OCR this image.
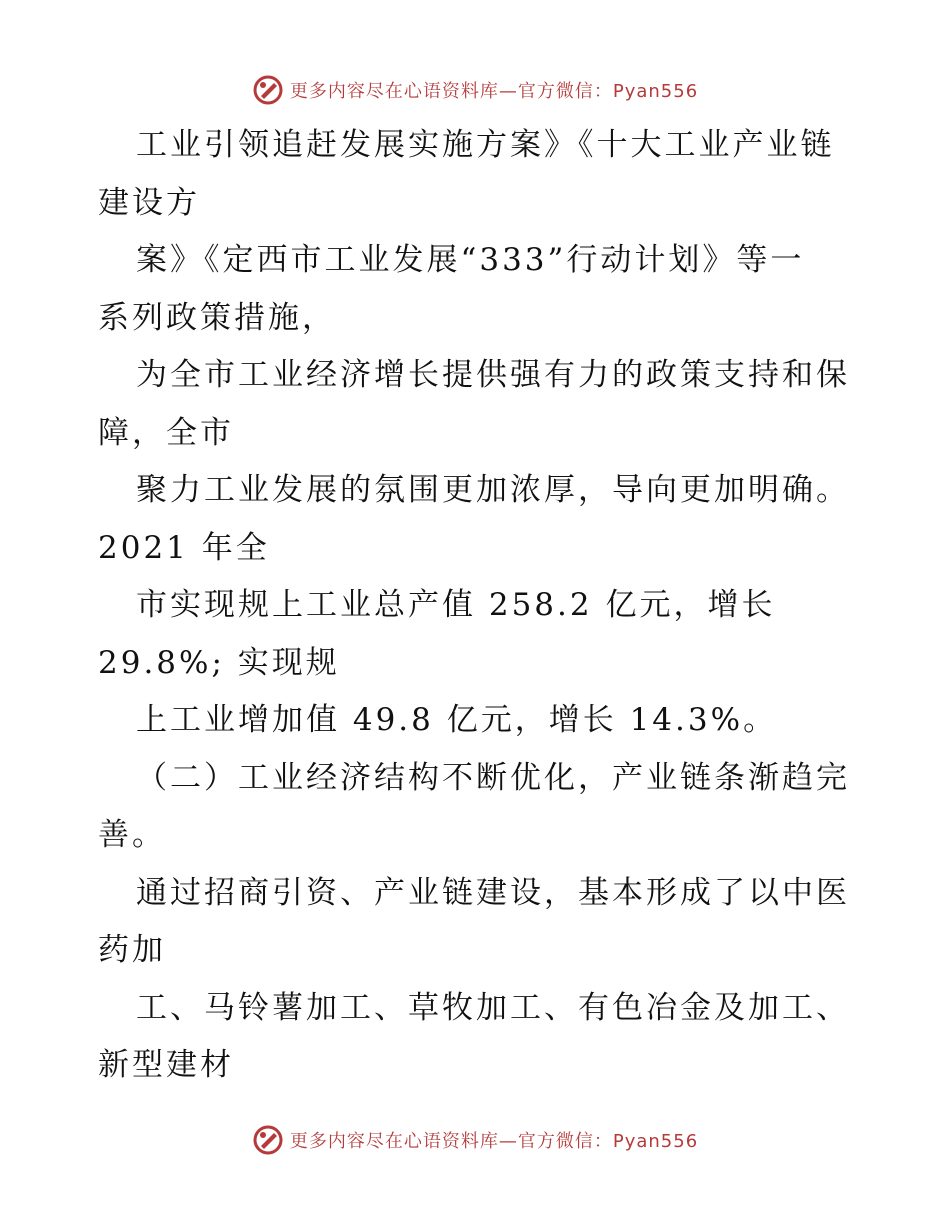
更多内容尽在心语资料库—官方微信：Pyan556
工业引领追赶发展实施方案》《十大工业产业链
建设方
案》《定西市工业发展“333”行动计划》等一
系列政策措施，
为全市工业经济增长提供强有力的政策支持和保
障，全市
聚力工业发展的氛围更加浓厚，导向更加明确。
2021 年全
市实现规上工业总产值 258.2 亿元，增长
29.8%; 实现规
上工业增加值 49.8 亿元，增长 14.3%。
（二）工业经济结构不断优化，产业链条渐趋完
善。
通过招商引资、产业链建设，基本形成了以中医
药加
工、马铃薯加工、草牧加工、有色冶金及加工、
新型建材
更多内容尽在心语资料库—官方微信：Pyan556
